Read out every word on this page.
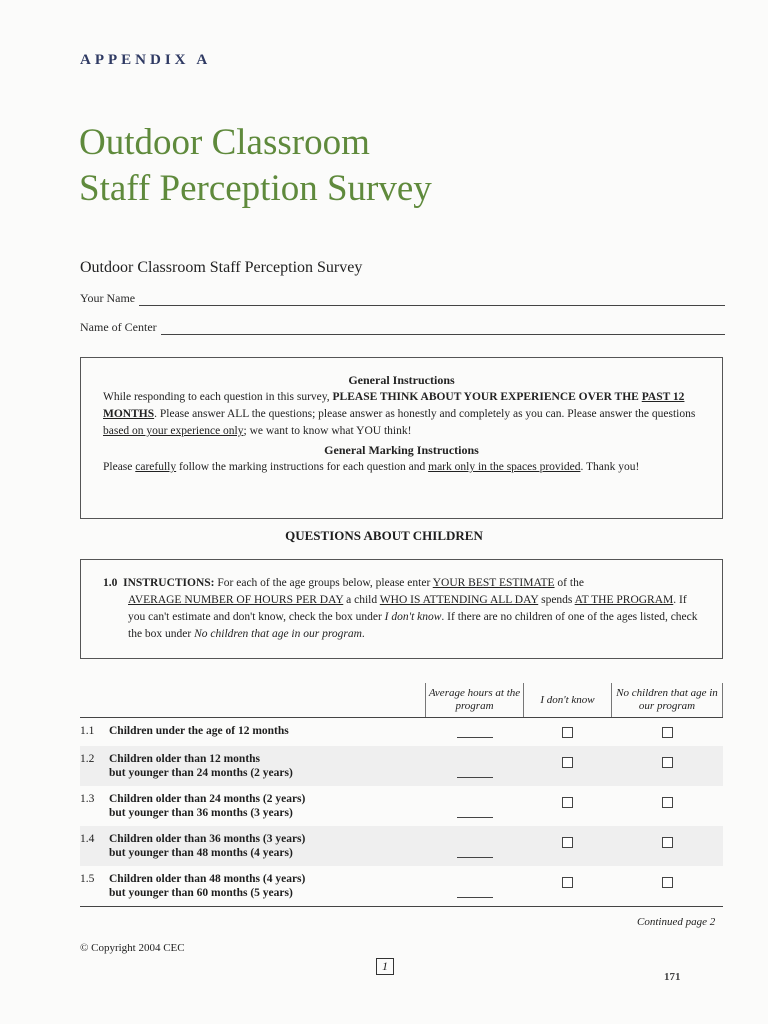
APPENDIX A
Outdoor Classroom
Staff Perception Survey
Outdoor Classroom Staff Perception Survey
Your Name
Name of Center
General Instructions

While responding to each question in this survey, PLEASE THINK ABOUT YOUR EXPERIENCE OVER THE PAST 12 MONTHS. Please answer ALL the questions; please answer as honestly and completely as you can. Please answer the questions based on your experience only; we want to know what YOU think!

General Marking Instructions

Please carefully follow the marking instructions for each question and mark only in the spaces provided. Thank you!

QUESTIONS ABOUT CHILDREN

1.0 INSTRUCTIONS: For each of the age groups below, please enter YOUR BEST ESTIMATE of the

AVERAGE NUMBER OF HOURS PER DAY a child WHO IS ATTENDING ALL DAY spends AT THE PROGRAM. If you can't estimate and don't know, check the box under I don't know. If there are no children of one of the ages listed, check the box under No children that age in our program.

Average hours at the program
I don't know
No children that age in our program
1.1 Children under the age of 12 months
1.2 Children older than 12 months
but younger than 24 months (2 years)
1.3 Children older than 24 months (2 years)
but younger than 36 months (3 years)
1.4 Children older than 36 months (3 years)
but younger than 48 months (4 years)
1.5 Children older than 48 months (4 years)
but younger than 60 months (5 years)
Continued page 2
© Copyright 2004 CEC
1
171
